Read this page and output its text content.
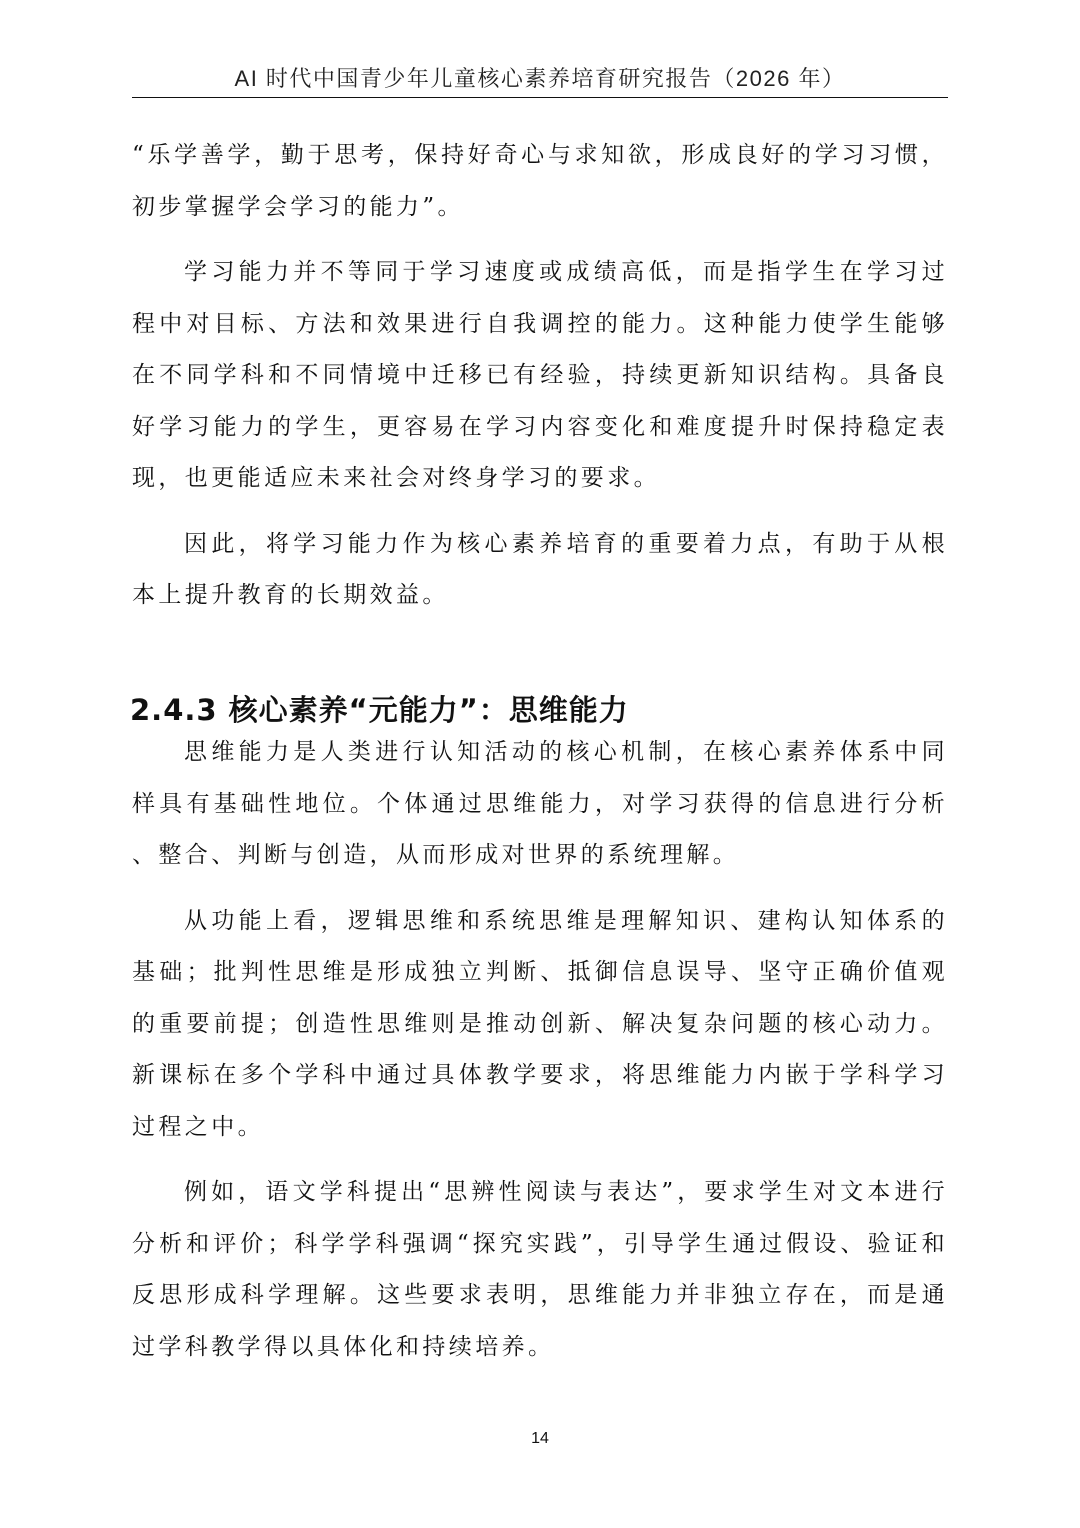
AI 时代中国青少年儿童核心素养培育研究报告（2026 年）

“乐学善学，勤于思考，保持好奇心与求知欲，形成良好的学习习惯，初步掌握学会学习的能力”。

学习能力并不等同于学习速度或成绩高低，而是指学生在学习过程中对目标、方法和效果进行自我调控的能力。这种能力使学生能够在不同学科和不同情境中迁移已有经验，持续更新知识结构。具备良好学习能力的学生，更容易在学习内容变化和难度提升时保持稳定表现，也更能适应未来社会对终身学习的要求。

因此，将学习能力作为核心素养培育的重要着力点，有助于从根本上提升教育的长期效益。

2.4.3 核心素养“元能力”：思维能力

思维能力是人类进行认知活动的核心机制，在核心素养体系中同样具有基础性地位。个体通过思维能力，对学习获得的信息进行分析、整合、判断与创造，从而形成对世界的系统理解。

从功能上看，逻辑思维和系统思维是理解知识、建构认知体系的基础；批判性思维是形成独立判断、抵御信息误导、坚守正确价值观的重要前提；创造性思维则是推动创新、解决复杂问题的核心动力。新课标在多个学科中通过具体教学要求，将思维能力内嵌于学科学习过程之中。

例如，语文学科提出“思辨性阅读与表达”，要求学生对文本进行分析和评价；科学学科强调“探究实践”，引导学生通过假设、验证和反思形成科学理解。这些要求表明，思维能力并非独立存在，而是通过学科教学得以具体化和持续培养。

14
